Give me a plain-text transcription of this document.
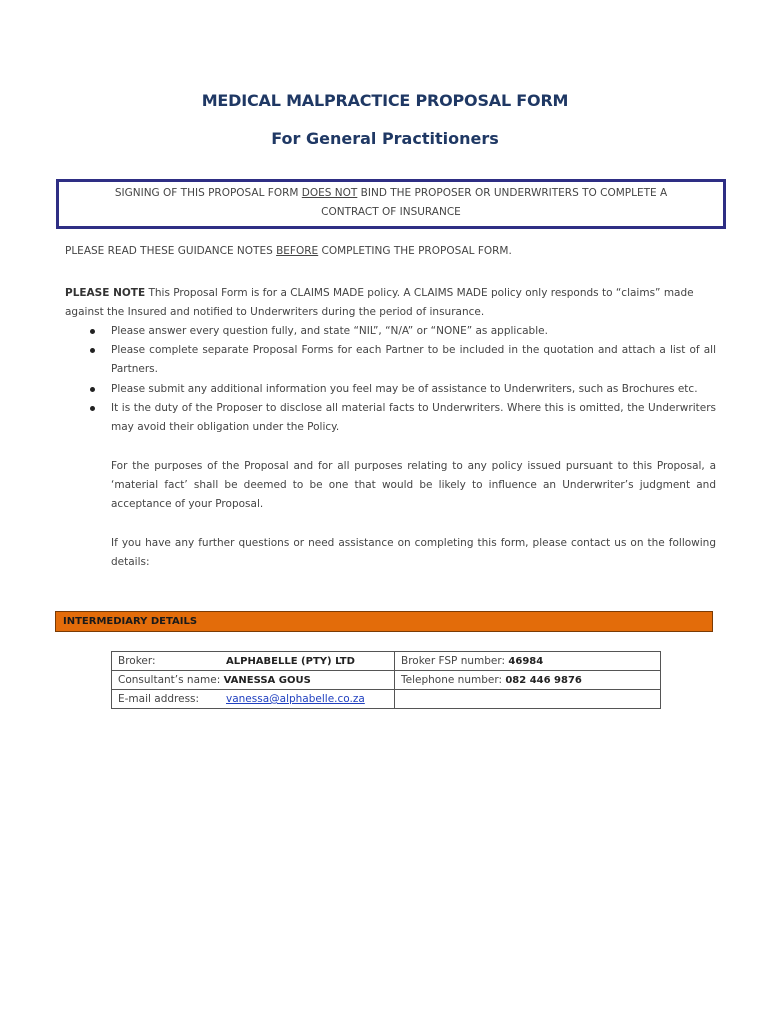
MEDICAL MALPRACTICE PROPOSAL FORM
For General Practitioners
SIGNING OF THIS PROPOSAL FORM DOES NOT BIND THE PROPOSER OR UNDERWRITERS TO COMPLETE A
CONTRACT OF INSURANCE
PLEASE READ THESE GUIDANCE NOTES BEFORE COMPLETING THE PROPOSAL FORM.
PLEASE NOTE This Proposal Form is for a CLAIMS MADE policy. A CLAIMS MADE policy only responds to “claims” made against the Insured and notified to Underwriters during the period of insurance.
Please answer every question fully, and state “NIL”, “N/A” or “NONE” as applicable.
Please complete separate Proposal Forms for each Partner to be included in the quotation and attach a list of all Partners.
Please submit any additional information you feel may be of assistance to Underwriters, such as Brochures etc.
It is the duty of the Proposer to disclose all material facts to Underwriters. Where this is omitted, the Underwriters may avoid their obligation under the Policy.
For the purposes of the Proposal and for all purposes relating to any policy issued pursuant to this Proposal, a ‘material fact’ shall be deemed to be one that would be likely to influence an Underwriter’s judgment and acceptance of your Proposal.
If you have any further questions or need assistance on completing this form, please contact us on the following details:
INTERMEDIARY DETAILS
Broker: ALPHABELLE (PTY) LTD	Broker FSP number: 46984
Consultant’s name: VANESSA GOUS	Telephone number: 082 446 9876
E-mail address: vanessa@alphabelle.co.za	
